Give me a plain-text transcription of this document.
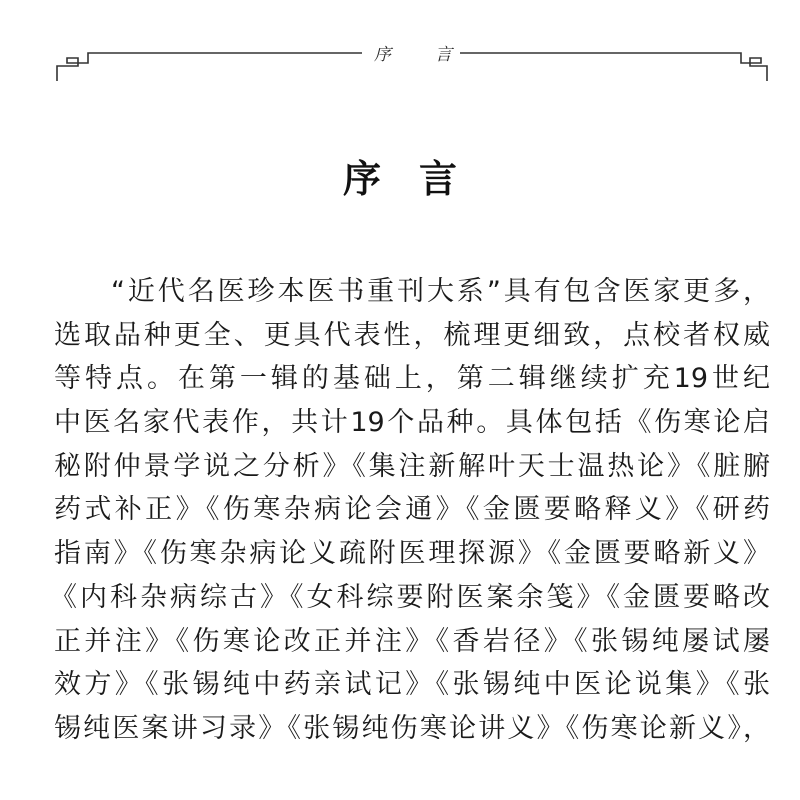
序	言
序言
“近代名医珍本医书重刊大系”具有包含医家更多，
选取品种更全、更具代表性，梳理更细致，点校者权威
等特点。在第一辑的基础上，第二辑继续扩充19世纪
中医名家代表作，共计19个品种。具体包括《伤寒论启
秘附仲景学说之分析》《集注新解叶天士温热论》《脏腑
药式补正》《伤寒杂病论会通》《金匮要略释义》《研药
指南》《伤寒杂病论义疏附医理探源》《金匮要略新义》
《内科杂病综古》《女科综要附医案余笺》《金匮要略改
正并注》《伤寒论改正并注》《香岩径》《张锡纯屡试屡
效方》《张锡纯中药亲试记》《张锡纯中医论说集》《张
锡纯医案讲习录》《张锡纯伤寒论讲义》《伤寒论新义》，
